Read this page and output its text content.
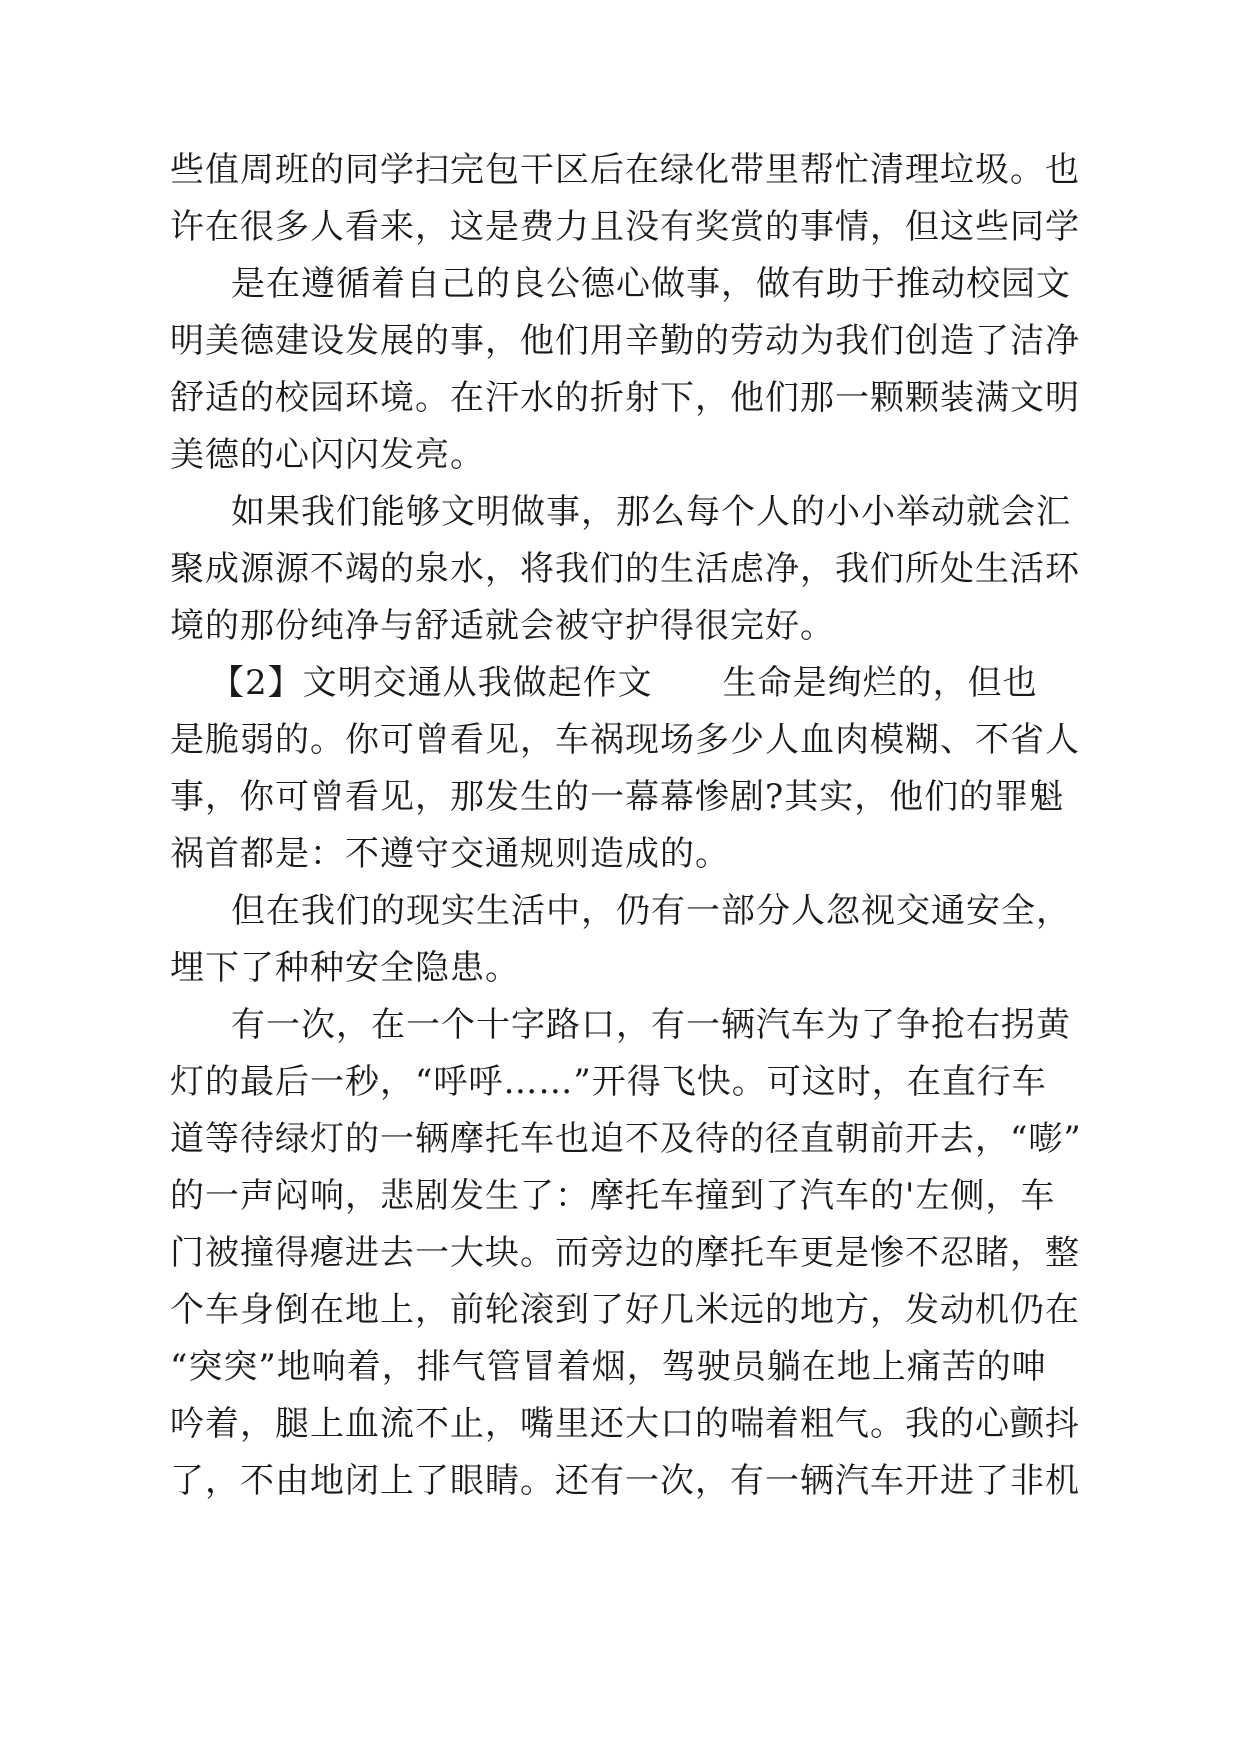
些值周班的同学扫完包干区后在绿化带里帮忙清理垃圾。也
许在很多人看来，这是费力且没有奖赏的事情，但这些同学
是在遵循着自己的良公德心做事，做有助于推动校园文
明美德建设发展的事，他们用辛勤的劳动为我们创造了洁净
舒适的校园环境。在汗水的折射下，他们那一颗颗装满文明
美德的心闪闪发亮。
如果我们能够文明做事，那么每个人的小小举动就会汇
聚成源源不竭的泉水，将我们的生活虑净，我们所处生活环
境的那份纯净与舒适就会被守护得很完好。
【2】文明交通从我做起作文　　生命是绚烂的，但也
是脆弱的。你可曾看见，车祸现场多少人血肉模糊、不省人
事，你可曾看见，那发生的一幕幕惨剧?其实，他们的罪魁
祸首都是：不遵守交通规则造成的。
但在我们的现实生活中，仍有一部分人忽视交通安全，
埋下了种种安全隐患。
有一次，在一个十字路口，有一辆汽车为了争抢右拐黄
灯的最后一秒，“呼呼……”开得飞快。可这时，在直行车
道等待绿灯的一辆摩托车也迫不及待的径直朝前开去，“嘭”
的一声闷响，悲剧发生了：摩托车撞到了汽车的'左侧，车
门被撞得瘪进去一大块。而旁边的摩托车更是惨不忍睹，整
个车身倒在地上，前轮滚到了好几米远的地方，发动机仍在
“突突”地响着，排气管冒着烟，驾驶员躺在地上痛苦的呻
吟着，腿上血流不止，嘴里还大口的喘着粗气。我的心颤抖
了，不由地闭上了眼睛。还有一次，有一辆汽车开进了非机
